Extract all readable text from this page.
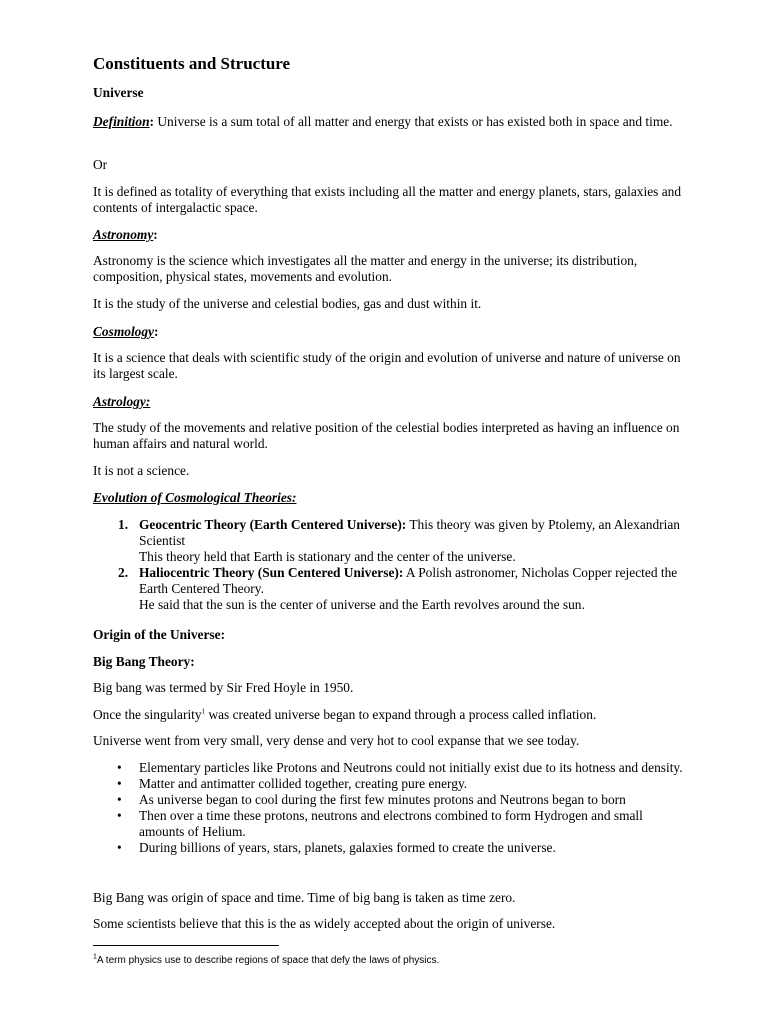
Constituents and Structure

Universe

Definition: Universe is a sum total of all matter and energy that exists or has existed both in space and time.

Or

It is defined as totality of everything that exists including all the matter and energy planets, stars, galaxies and contents of intergalactic space.

Astronomy:

Astronomy is the science which investigates all the matter and energy in the universe; its distribution, composition, physical states, movements and evolution.

It is the study of the universe and celestial bodies, gas and dust within it.

Cosmology:

It is a science that deals with scientific study of the origin and evolution of universe and nature of universe on its largest scale.

Astrology:

The study of the movements and relative position of the celestial bodies interpreted as having an influence on human affairs and natural world.

It is not a science.

Evolution of Cosmological Theories:

1. Geocentric Theory (Earth Centered Universe): This theory was given by Ptolemy, an Alexandrian Scientist
This theory held that Earth is stationary and the center of the universe.
2. Haliocentric Theory (Sun Centered Universe): A Polish astronomer, Nicholas Copper rejected the Earth Centered Theory.
He said that the sun is the center of universe and the Earth revolves around the sun.

Origin of the Universe:

Big Bang Theory:

Big bang was termed by Sir Fred Hoyle in 1950.

Once the singularity$^1$ was created universe began to expand through a process called inflation.

Universe went from very small, very dense and very hot to cool expanse that we see today.

• Elementary particles like Protons and Neutrons could not initially exist due to its hotness and density.
• Matter and antimatter collided together, creating pure energy.
• As universe began to cool during the first few minutes protons and Neutrons began to born
• Then over a time these protons, neutrons and electrons combined to form Hydrogen and small amounts of Helium.
• During billions of years, stars, planets, galaxies formed to create the universe.

Big Bang was origin of space and time. Time of big bang is taken as time zero.

Some scientists believe that this is the as widely accepted about the origin of universe.

$^1$A term physics use to describe regions of space that defy the laws of physics.
